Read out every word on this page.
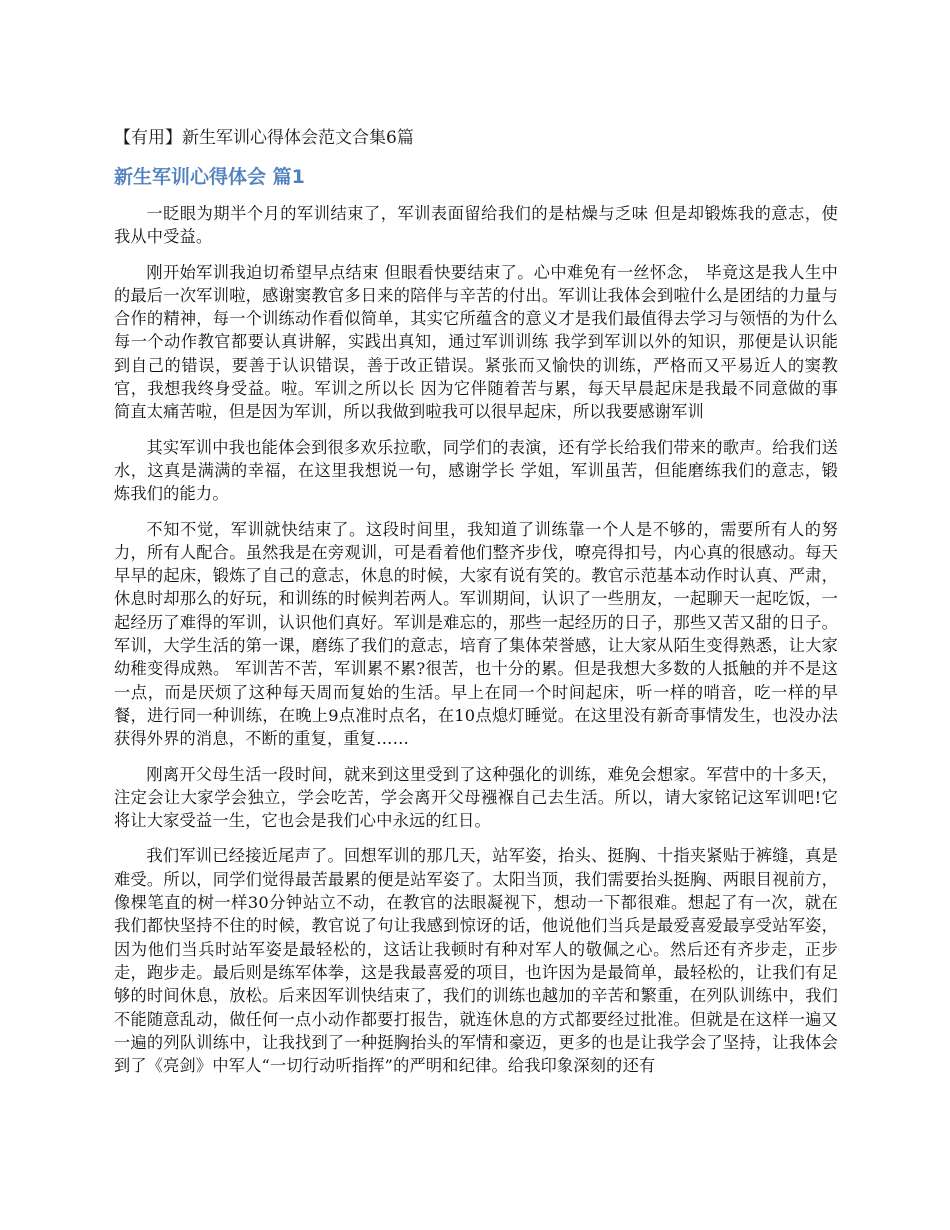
【有用】新生军训心得体会范文合集6篇

新生军训心得体会 篇1

一眨眼为期半个月的军训结束了，军训表面留给我们的是枯燥与乏味 但是却锻炼我的意志，使我从中受益。

刚开始军训我迫切希望早点结束 但眼看快要结束了。心中难免有一丝怀念， 毕竟这是我人生中的最后一次军训啦，感谢窦教官多日来的陪伴与辛苦的付出。军训让我体会到啦什么是团结的力量与合作的精神，每一个训练动作看似简单，其实它所蕴含的意义才是我们最值得去学习与领悟的为什么每一个动作教官都要认真讲解，实践出真知，通过军训训练 我学到军训以外的知识，那便是认识能到自己的错误，要善于认识错误，善于改正错误。紧张而又愉快的训练，严格而又平易近人的窦教官，我想我终身受益。啦。军训之所以长 因为它伴随着苦与累，每天早晨起床是我最不同意做的事 简直太痛苦啦，但是因为军训，所以我做到啦我可以很早起床，所以我要感谢军训

其实军训中我也能体会到很多欢乐拉歌，同学们的表演，还有学长给我们带来的歌声。给我们送水，这真是满满的幸福，在这里我想说一句，感谢学长 学姐，军训虽苦，但能磨练我们的意志，锻炼我们的能力。

不知不觉，军训就快结束了。这段时间里，我知道了训练靠一个人是不够的，需要所有人的努力，所有人配合。虽然我是在旁观训，可是看着他们整齐步伐，嘹亮得扣号，内心真的很感动。每天早早的起床，锻炼了自己的意志，休息的时候，大家有说有笑的。教官示范基本动作时认真、严肃，休息时却那么的好玩，和训练的时候判若两人。军训期间，认识了一些朋友，一起聊天一起吃饭，一起经历了难得的军训，认识他们真好。军训是难忘的，那些一起经历的日子，那些又苦又甜的日子。军训，大学生活的第一课，磨练了我们的意志，培育了集体荣誉感，让大家从陌生变得熟悉，让大家幼稚变得成熟。 军训苦不苦，军训累不累?很苦，也十分的累。但是我想大多数的人抵触的并不是这一点，而是厌烦了这种每天周而复始的生活。早上在同一个时间起床，听一样的哨音，吃一样的早餐，进行同一种训练，在晚上9点准时点名，在10点熄灯睡觉。在这里没有新奇事情发生，也没办法获得外界的消息，不断的重复，重复……

刚离开父母生活一段时间，就来到这里受到了这种强化的训练，难免会想家。军营中的十多天，注定会让大家学会独立，学会吃苦，学会离开父母襁褓自己去生活。所以，请大家铭记这军训吧!它将让大家受益一生，它也会是我们心中永远的红日。

我们军训已经接近尾声了。回想军训的那几天，站军姿，抬头、挺胸、十指夹紧贴于裤缝，真是难受。所以，同学们觉得最苦最累的便是站军姿了。太阳当顶，我们需要抬头挺胸、两眼目视前方，像棵笔直的树一样30分钟站立不动，在教官的法眼凝视下，想动一下都很难。想起了有一次，就在我们都快坚持不住的时候，教官说了句让我感到惊讶的话，他说他们当兵是最爱喜爱最享受站军姿，因为他们当兵时站军姿是最轻松的，这话让我顿时有种对军人的敬佩之心。然后还有齐步走，正步走，跑步走。最后则是练军体拳，这是我最喜爱的项目，也许因为是最简单，最轻松的，让我们有足够的时间休息，放松。后来因军训快结束了，我们的训练也越加的辛苦和繁重，在列队训练中，我们不能随意乱动，做任何一点小动作都要打报告，就连休息的方式都要经过批准。但就是在这样一遍又一遍的列队训练中，让我找到了一种挺胸抬头的军情和豪迈，更多的也是让我学会了坚持，让我体会到了《亮剑》中军人“一切行动听指挥”的严明和纪律。给我印象深刻的还有
